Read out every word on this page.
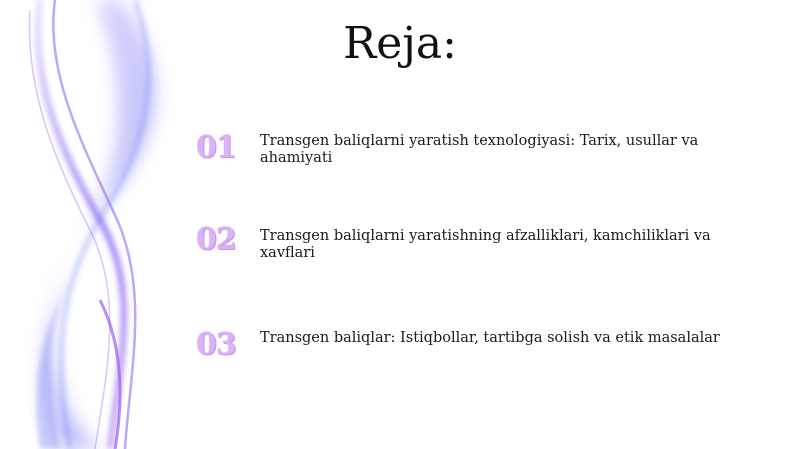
Reja:
01	Transgen baliqlarni yaratish texnologiyasi: Tarix, usullar va ahamiyati
02	Transgen baliqlarni yaratishning afzalliklari, kamchiliklari va xavflari
03	Transgen baliqlar: Istiqbollar, tartibga solish va etik masalalar
